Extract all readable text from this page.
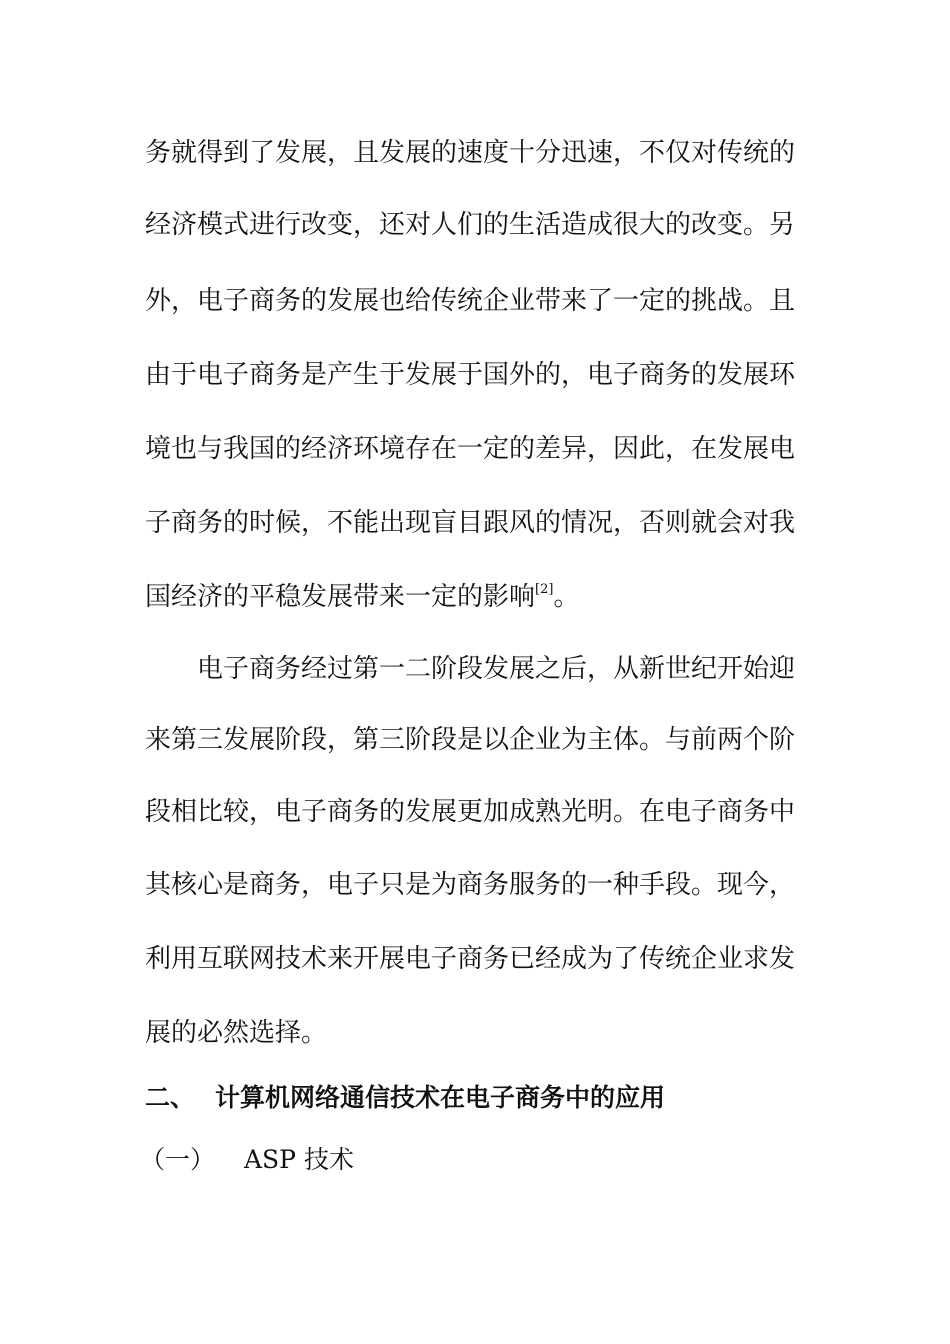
务就得到了发展，且发展的速度十分迅速，不仅对传统的
经济模式进行改变，还对人们的生活造成很大的改变。另
外，电子商务的发展也给传统企业带来了一定的挑战。且
由于电子商务是产生于发展于国外的，电子商务的发展环
境也与我国的经济环境存在一定的差异，因此，在发展电
子商务的时候，不能出现盲目跟风的情况，否则就会对我
国经济的平稳发展带来一定的影响[2]。
电子商务经过第一二阶段发展之后，从新世纪开始迎
来第三发展阶段，第三阶段是以企业为主体。与前两个阶
段相比较，电子商务的发展更加成熟光明。在电子商务中
其核心是商务，电子只是为商务服务的一种手段。现今，
利用互联网技术来开展电子商务已经成为了传统企业求发
展的必然选择。
二、 计算机网络通信技术在电子商务中的应用
（一） ASP 技术
